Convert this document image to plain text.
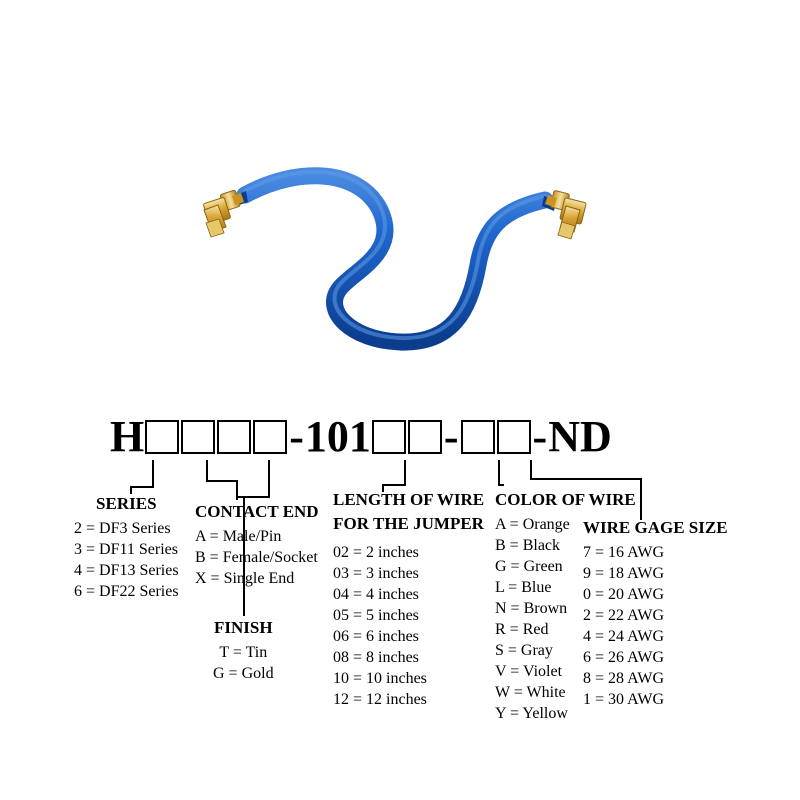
H	- 101 - - ND
SERIES
2 = DF3 Series
3 = DF11 Series
4 = DF13 Series
6 = DF22 Series
CONTACT END
A = Male/Pin
B = Female/Socket
X = Single End
FINISH
T = Tin
G = Gold
LENGTH OF WIRE
FOR THE JUMPER
02 = 2 inches
03 = 3 inches
04 = 4 inches
05 = 5 inches
06 = 6 inches
08 = 8 inches
10 = 10 inches
12 = 12 inches
COLOR OF WIRE
A = Orange
B = Black
G = Green
L = Blue
N = Brown
R = Red
S = Gray
V = Violet
W = White
Y = Yellow
WIRE GAGE SIZE
7 = 16 AWG
9 = 18 AWG
0 = 20 AWG
2 = 22 AWG
4 = 24 AWG
6 = 26 AWG
8 = 28 AWG
1 = 30 AWG
